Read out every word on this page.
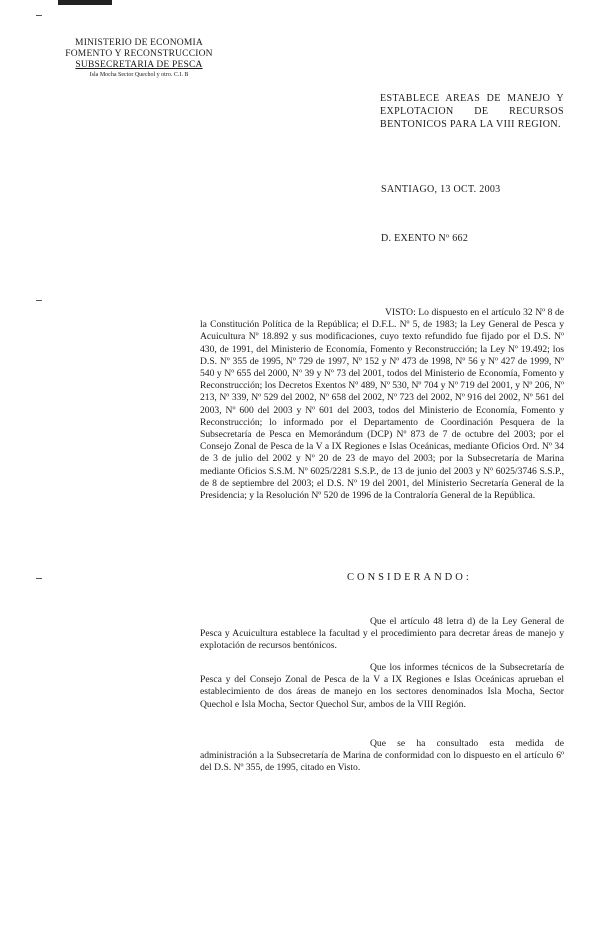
MINISTERIO DE ECONOMIA
FOMENTO Y RECONSTRUCCION
SUBSECRETARIA DE PESCA
Isla Mocha Sector Quechol y otro. C.I. B
ESTABLECE AREAS DE MANEJO Y EXPLOTACION DE RECURSOS BENTONICOS PARA LA VIII REGION.
SANTIAGO, 13 OCT. 2003
D. EXENTO Nº 662
VISTO: Lo dispuesto en el artículo 32 Nº 8 de la Constitución Política de la República; el D.F.L. Nº 5, de 1983; la Ley General de Pesca y Acuicultura Nº 18.892 y sus modificaciones, cuyo texto refundido fue fijado por el D.S. Nº 430, de 1991, del Ministerio de Economía, Fomento y Reconstrucción; la Ley Nº 19.492; los D.S. Nº 355 de 1995, Nº 729 de 1997, Nº 152 y Nº 473 de 1998, Nº 56 y Nº 427 de 1999, Nº 540 y Nº 655 del 2000, Nº 39 y Nº 73 del 2001, todos del Ministerio de Economía, Fomento y Reconstrucción; los Decretos Exentos Nº 489, Nº 530, Nº 704 y Nº 719 del 2001, y Nº 206, Nº 213, Nº 339, Nº 529 del 2002, Nº 658 del 2002, Nº 723 del 2002, Nº 916 del 2002, Nº 561 del 2003, Nº 600 del 2003 y Nº 601 del 2003, todos del Ministerio de Economía, Fomento y Reconstrucción; lo informado por el Departamento de Coordinación Pesquera de la Subsecretaría de Pesca en Memorándum (DCP) Nº 873 de 7 de octubre del 2003; por el Consejo Zonal de Pesca de la V a IX Regiones e Islas Oceánicas, mediante Oficios Ord. Nº 34 de 3 de julio del 2002 y Nº 20 de 23 de mayo del 2003; por la Subsecretaría de Marina mediante Oficios S.S.M. Nº 6025/2281 S.S.P., de 13 de junio del 2003 y Nº 6025/3746 S.S.P., de 8 de septiembre del 2003; el D.S. Nº 19 del 2001, del Ministerio Secretaría General de la Presidencia; y la Resolución Nº 520 de 1996 de la Contraloría General de la República.
CONSIDERANDO:
Que el artículo 48 letra d) de la Ley General de Pesca y Acuicultura establece la facultad y el procedimiento para decretar áreas de manejo y explotación de recursos bentónicos.
Que los informes técnicos de la Subsecretaría de Pesca y del Consejo Zonal de Pesca de la V a IX Regiones e Islas Oceánicas aprueban el establecimiento de dos áreas de manejo en los sectores denominados Isla Mocha, Sector Quechol e Isla Mocha, Sector Quechol Sur, ambos de la VIII Región.
Que se ha consultado esta medida de administración a la Subsecretaría de Marina de conformidad con lo dispuesto en el artículo 6º del D.S. Nº 355, de 1995, citado en Visto.
